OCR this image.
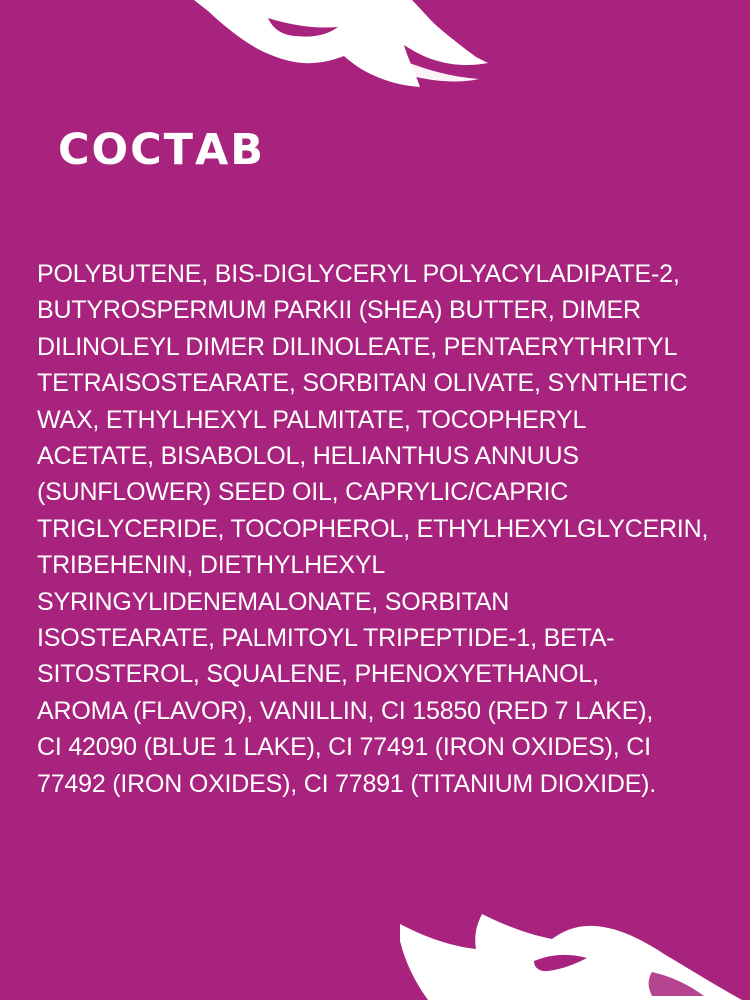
СОСТАВ

POLYBUTENE, BIS-DIGLYCERYL POLYACYLADIPATE-2,
BUTYROSPERMUM PARKII (SHEA) BUTTER, DIMER
DILINOLEYL DIMER DILINOLEATE, PENTAERYTHRITYL
TETRAISOSTEARATE, SORBITAN OLIVATE, SYNTHETIC
WAX, ETHYLHEXYL PALMITATE, TOCOPHERYL
ACETATE, BISABOLOL, HELIANTHUS ANNUUS
(SUNFLOWER) SEED OIL, CAPRYLIC/CAPRIC
TRIGLYCERIDE, TOCOPHEROL, ETHYLHEXYLGLYCERIN,
TRIBEHENIN, DIETHYLHEXYL
SYRINGYLIDENEMALONATE, SORBITAN
ISOSTEARATE, PALMITOYL TRIPEPTIDE-1, BETA-
SITOSTEROL, SQUALENE, PHENOXYETHANOL,
AROMA (FLAVOR), VANILLIN, CI 15850 (RED 7 LAKE),
CI 42090 (BLUE 1 LAKE), CI 77491 (IRON OXIDES), CI
77492 (IRON OXIDES), CI 77891 (TITANIUM DIOXIDE).
